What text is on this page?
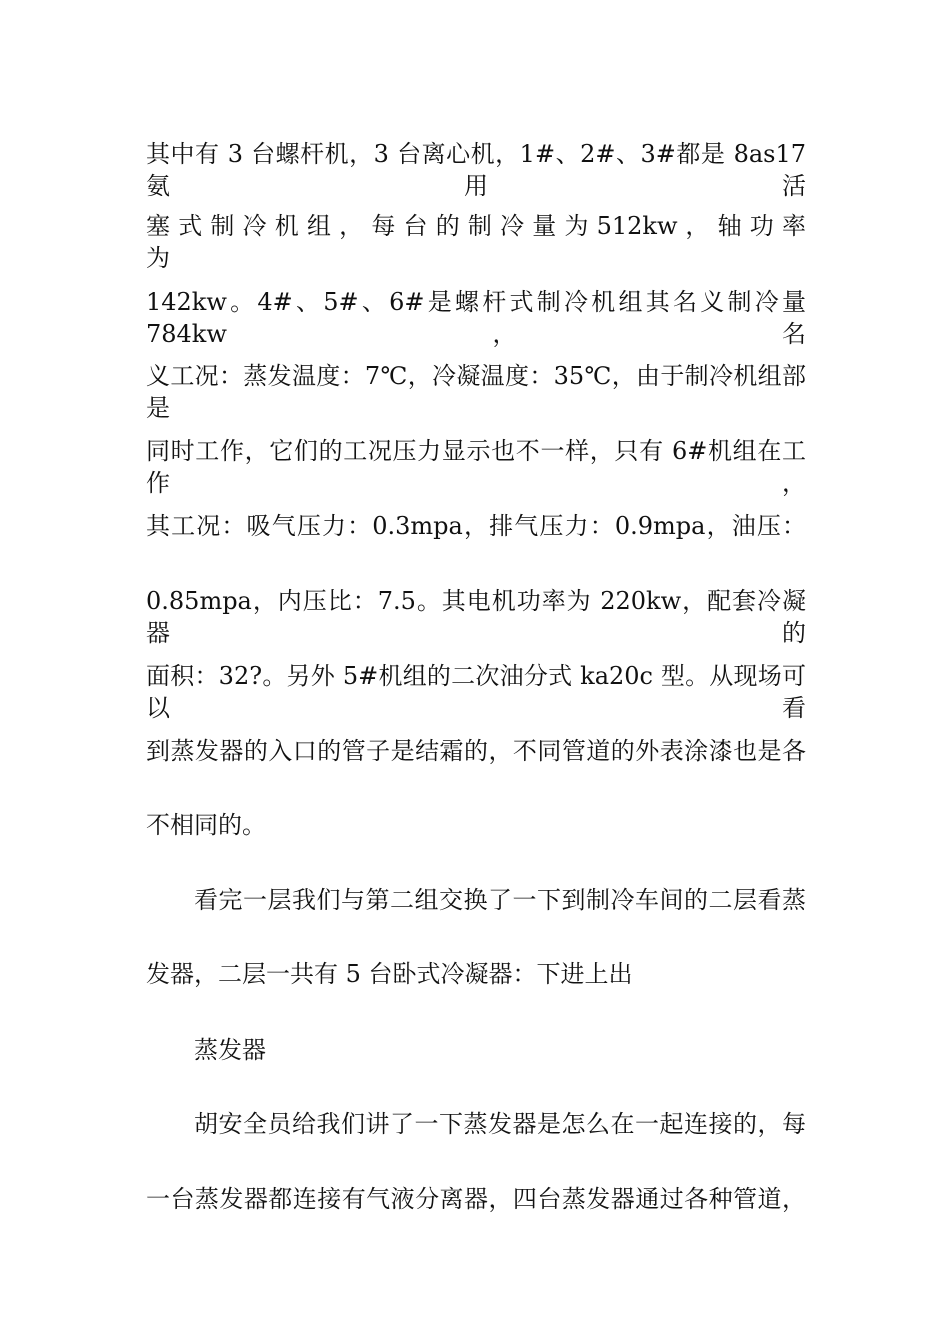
其中有 3 台螺杆机，3 台离心机，1#、2#、3#都是 8as17 氨用活
塞 式 制 冷 机 组 ， 每 台 的 制 冷 量 为 512kw ， 轴 功 率 为
142kw。4#、5#、6#是螺杆式制冷机组其名义制冷量 784kw，名
义工况：蒸发温度：7℃，冷凝温度：35℃，由于制冷机组部是
同时工作，它们的工况压力显示也不一样，只有 6#机组在工作，
其工况：吸气压力：0.3mpa，排气压力：0.9mpa，油压：
0.85mpa，内压比：7.5。其电机功率为 220kw，配套冷凝器的
面积：32?。另外 5#机组的二次油分式 ka20c 型。从现场可以看
到蒸发器的入口的管子是结霜的，不同管道的外表涂漆也是各
不相同的。
看完一层我们与第二组交换了一下到制冷车间的二层看蒸
发器，二层一共有 5 台卧式冷凝器：下进上出
蒸发器
胡安全员给我们讲了一下蒸发器是怎么在一起连接的，每
一台蒸发器都连接有气液分离器，四台蒸发器通过各种管道，
